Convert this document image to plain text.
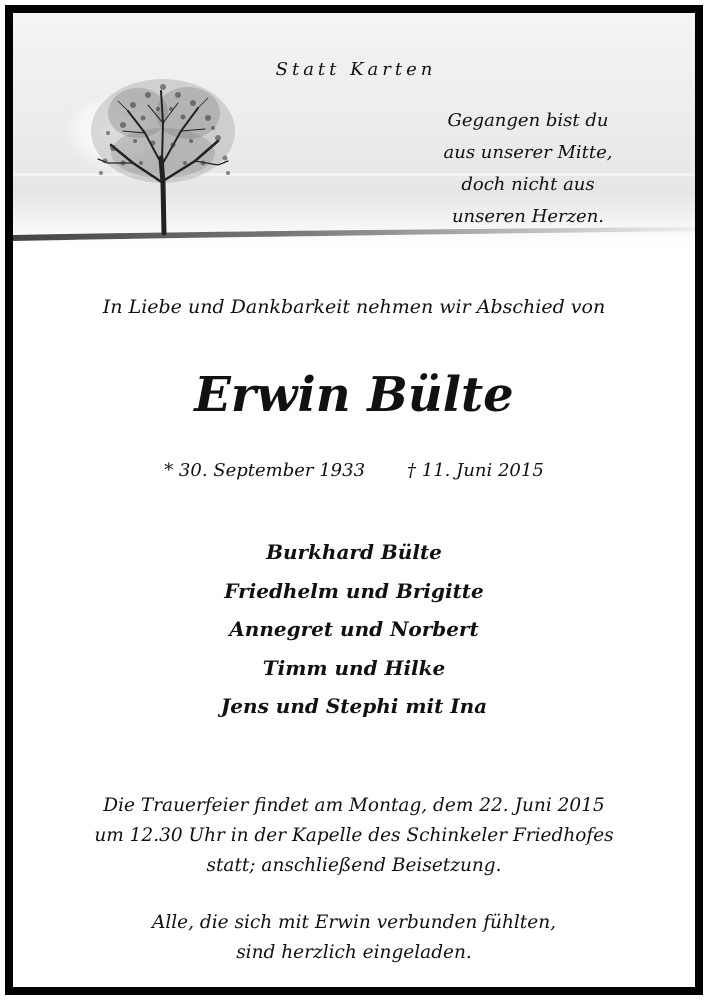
Statt Karten
Gegangen bist du
aus unserer Mitte,
doch nicht aus
unseren Herzen.
In Liebe und Dankbarkeit nehmen wir Abschied von
Erwin Bülte
* 30. September 1933 † 11. Juni 2015
Burkhard Bülte
Friedhelm und Brigitte
Annegret und Norbert
Timm und Hilke
Jens und Stephi mit Ina
Die Trauerfeier findet am Montag, dem 22. Juni 2015
um 12.30 Uhr in der Kapelle des Schinkeler Friedhofes
statt; anschließend Beisetzung.
Alle, die sich mit Erwin verbunden fühlten,
sind herzlich eingeladen.
